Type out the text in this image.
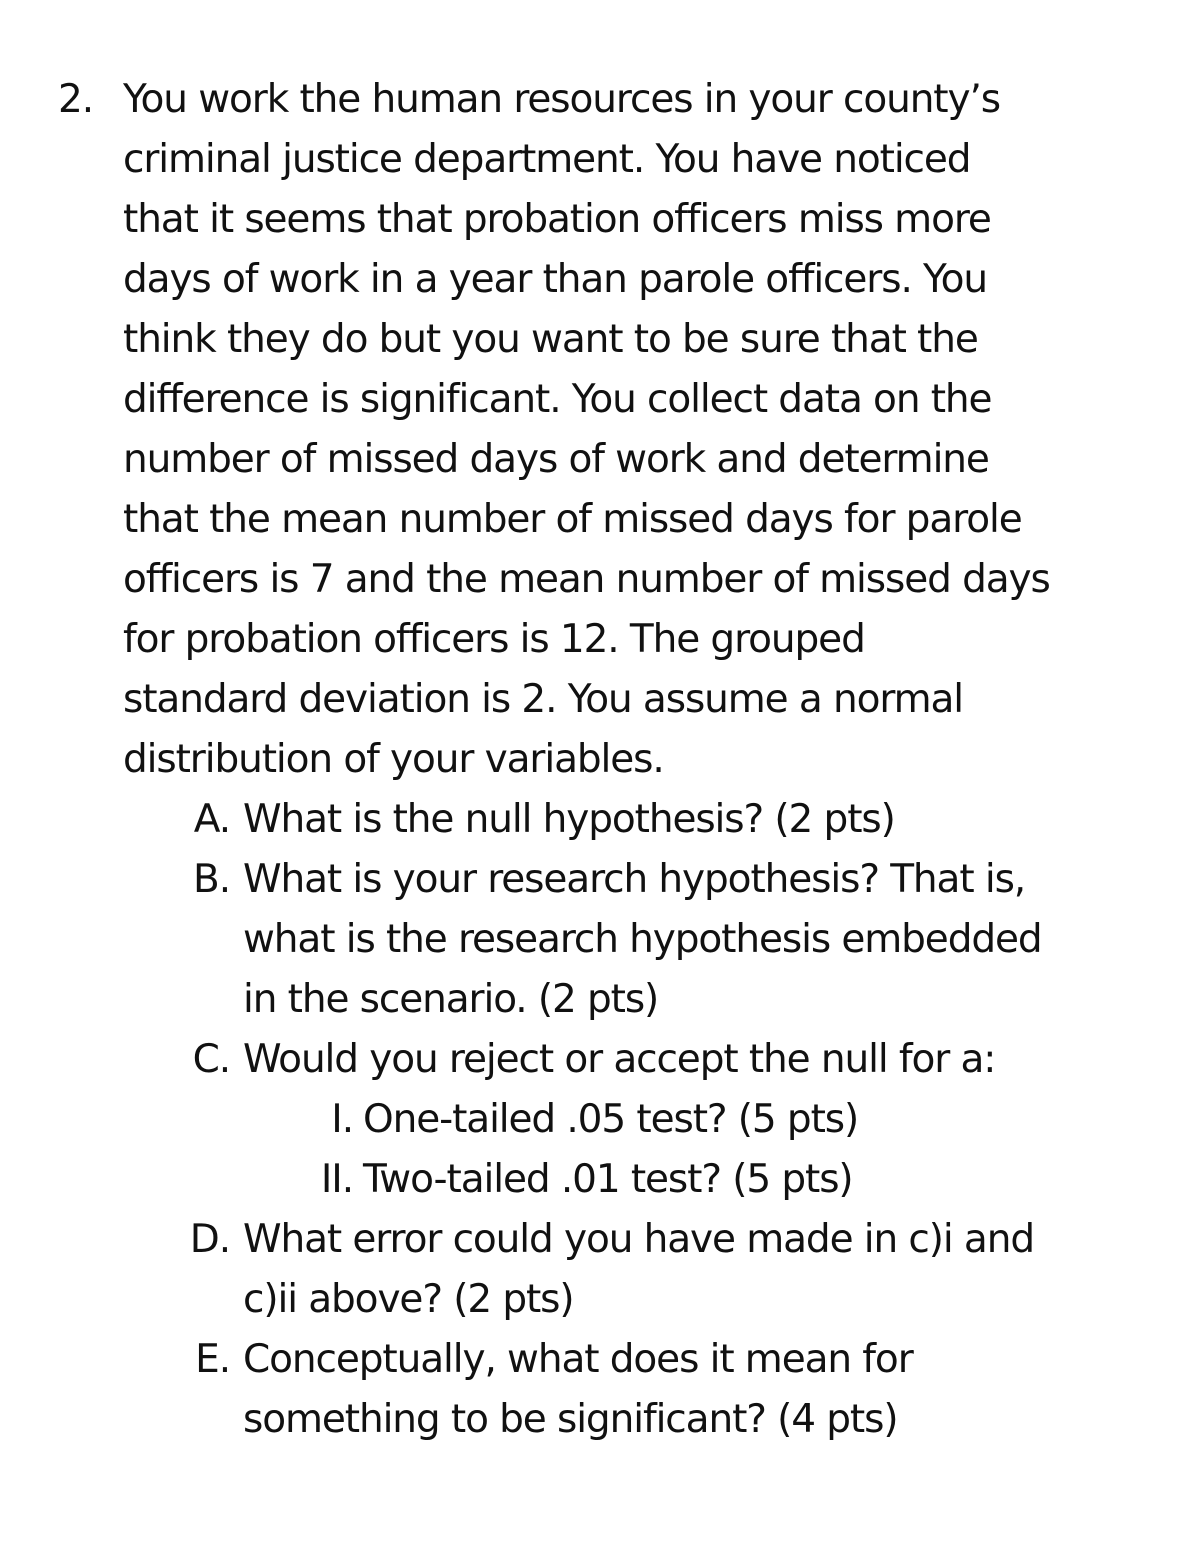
2. You work the human resources in your county’s
criminal justice department. You have noticed
that it seems that probation officers miss more
days of work in a year than parole officers. You
think they do but you want to be sure that the
difference is significant. You collect data on the
number of missed days of work and determine
that the mean number of missed days for parole
officers is 7 and the mean number of missed days
for probation officers is 12. The grouped
standard deviation is 2. You assume a normal
distribution of your variables.
A. What is the null hypothesis? (2 pts)
B. What is your research hypothesis? That is,
what is the research hypothesis embedded
in the scenario. (2 pts)
C. Would you reject or accept the null for a:
I. One-tailed .05 test? (5 pts)
II. Two-tailed .01 test? (5 pts)
D. What error could you have made in c)i and
c)ii above? (2 pts)
E. Conceptually, what does it mean for
something to be significant? (4 pts)
